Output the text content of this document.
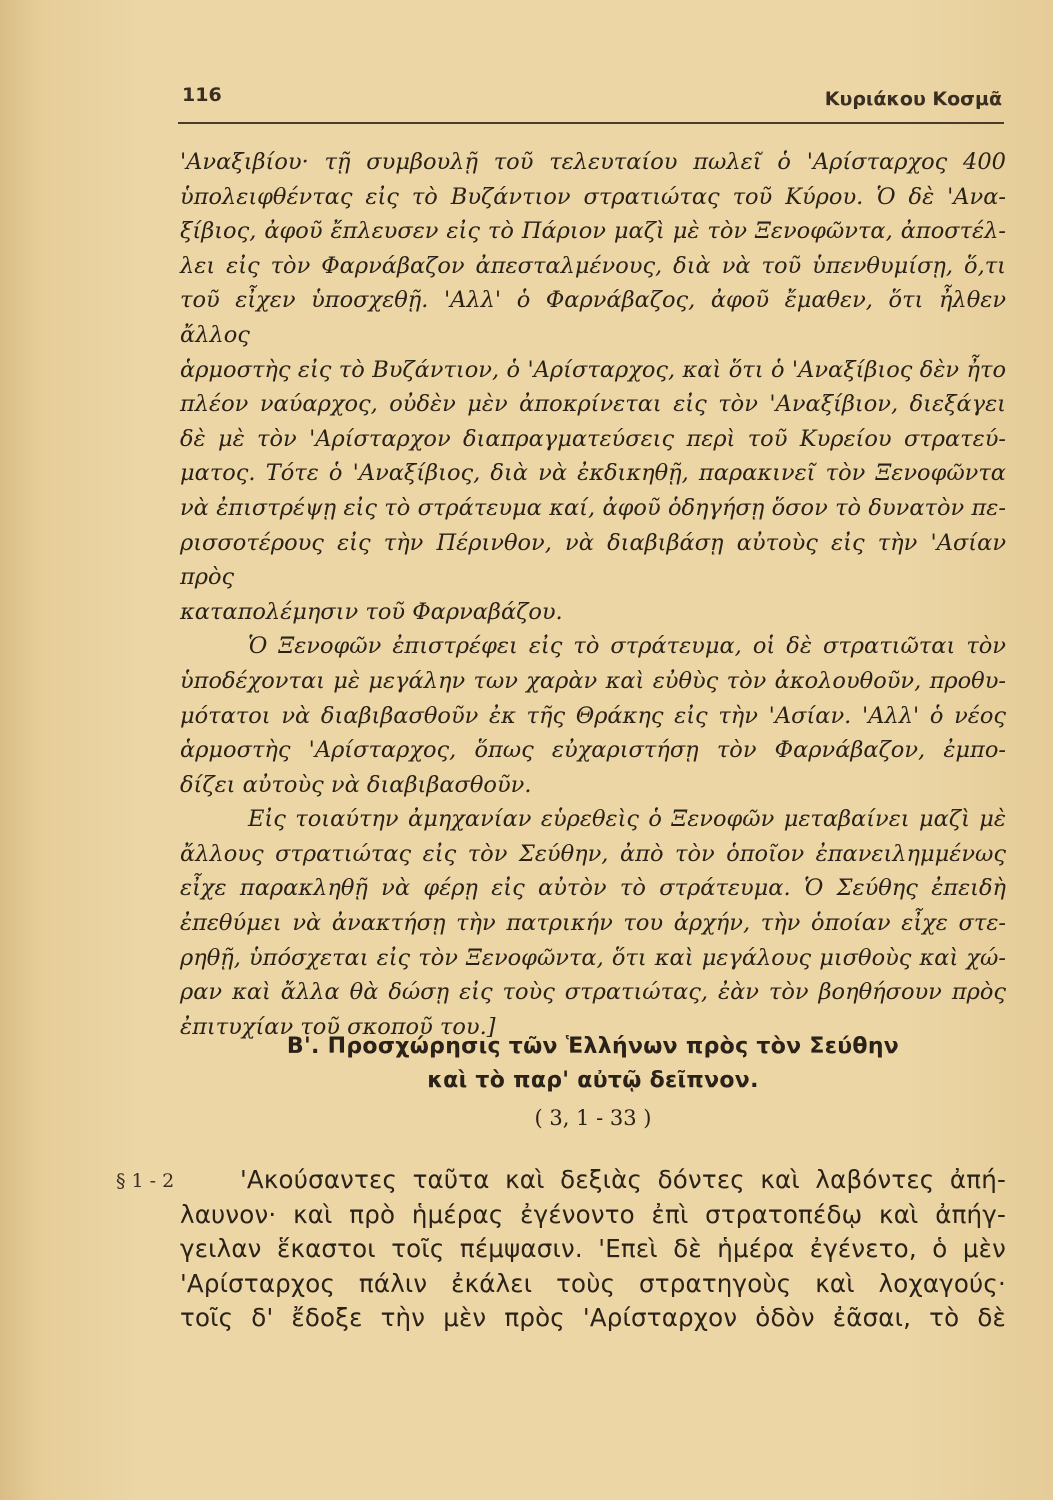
116	Κυριάκου Κοσμᾶ

'Αναξιβίου· τῇ συμβουλῇ τοῦ τελευταίου πωλεῖ ὁ 'Αρίσταρχος 400
ὑπολειφθέντας εἰς τὸ Βυζάντιον στρατιώτας τοῦ Κύρου. Ὁ δὲ 'Ανα-
ξίβιος, ἀφοῦ ἔπλευσεν εἰς τὸ Πάριον μαζὶ μὲ τὸν Ξενοφῶντα, ἀποστέλ-
λει εἰς τὸν Φαρνάβαζον ἀπεσταλμένους, διὰ νὰ τοῦ ὑπενθυμίσῃ, ὅ,τι
τοῦ εἶχεν ὑποσχεθῇ. 'Αλλ' ὁ Φαρνάβαζος, ἀφοῦ ἔμαθεν, ὅτι ἦλθεν ἄλλος
ἁρμοστὴς εἰς τὸ Βυζάντιον, ὁ 'Αρίσταρχος, καὶ ὅτι ὁ 'Αναξίβιος δὲν ἦτο
πλέον ναύαρχος, οὐδὲν μὲν ἀποκρίνεται εἰς τὸν 'Αναξίβιον, διεξάγει
δὲ μὲ τὸν 'Αρίσταρχον διαπραγματεύσεις περὶ τοῦ Κυρείου στρατεύ-
ματος. Τότε ὁ 'Αναξίβιος, διὰ νὰ ἐκδικηθῇ, παρακινεῖ τὸν Ξενοφῶντα
νὰ ἐπιστρέψῃ εἰς τὸ στράτευμα καί, ἀφοῦ ὁδηγήσῃ ὅσον τὸ δυνατὸν πε-
ρισσοτέρους εἰς τὴν Πέρινθον, νὰ διαβιβάσῃ αὐτοὺς εἰς τὴν 'Ασίαν πρὸς
καταπολέμησιν τοῦ Φαρναβάζου.

Ὁ Ξενοφῶν ἐπιστρέφει εἰς τὸ στράτευμα, οἱ δὲ στρατιῶται τὸν
ὑποδέχονται μὲ μεγάλην των χαρὰν καὶ εὐθὺς τὸν ἀκολουθοῦν, προθυ-
μότατοι νὰ διαβιβασθοῦν ἐκ τῆς Θράκης εἰς τὴν 'Ασίαν. 'Αλλ' ὁ νέος
ἁρμοστὴς 'Αρίσταρχος, ὅπως εὐχαριστήσῃ τὸν Φαρνάβαζον, ἐμπο-
δίζει αὐτοὺς νὰ διαβιβασθοῦν.

Εἰς τοιαύτην ἀμηχανίαν εὑρεθεὶς ὁ Ξενοφῶν μεταβαίνει μαζὶ μὲ
ἄλλους στρατιώτας εἰς τὸν Σεύθην, ἀπὸ τὸν ὁποῖον ἐπανειλημμένως
εἶχε παρακληθῇ νὰ φέρῃ εἰς αὐτὸν τὸ στράτευμα. Ὁ Σεύθης ἐπειδὴ
ἐπεθύμει νὰ ἀνακτήσῃ τὴν πατρικήν του ἀρχήν, τὴν ὁποίαν εἶχε στε-
ρηθῇ, ὑπόσχεται εἰς τὸν Ξενοφῶντα, ὅτι καὶ μεγάλους μισθοὺς καὶ χώ-
ραν καὶ ἄλλα θὰ δώσῃ εἰς τοὺς στρατιώτας, ἐὰν τὸν βοηθήσουν πρὸς
ἐπιτυχίαν τοῦ σκοποῦ του.]

Β'. Προσχώρησις τῶν Ἑλλήνων πρὸς τὸν Σεύθην
καὶ τὸ παρ' αὐτῷ δεῖπνον.
( 3, 1 - 33 )
§ 1 - 2	'Ακούσαντες ταῦτα καὶ δεξιὰς δόντες καὶ λαβόντες ἀπή-
λαυνον· καὶ πρὸ ἡμέρας ἐγένοντο ἐπὶ στρατοπέδῳ καὶ ἀπήγ-
γειλαν ἕκαστοι τοῖς πέμψασιν. 'Επεὶ δὲ ἡμέρα ἐγένετο, ὁ μὲν
'Αρίσταρχος πάλιν ἐκάλει τοὺς στρατηγοὺς καὶ λοχαγούς·
τοῖς δ' ἔδοξε τὴν μὲν πρὸς 'Αρίσταρχον ὁδὸν ἐᾶσαι, τὸ δὲ
